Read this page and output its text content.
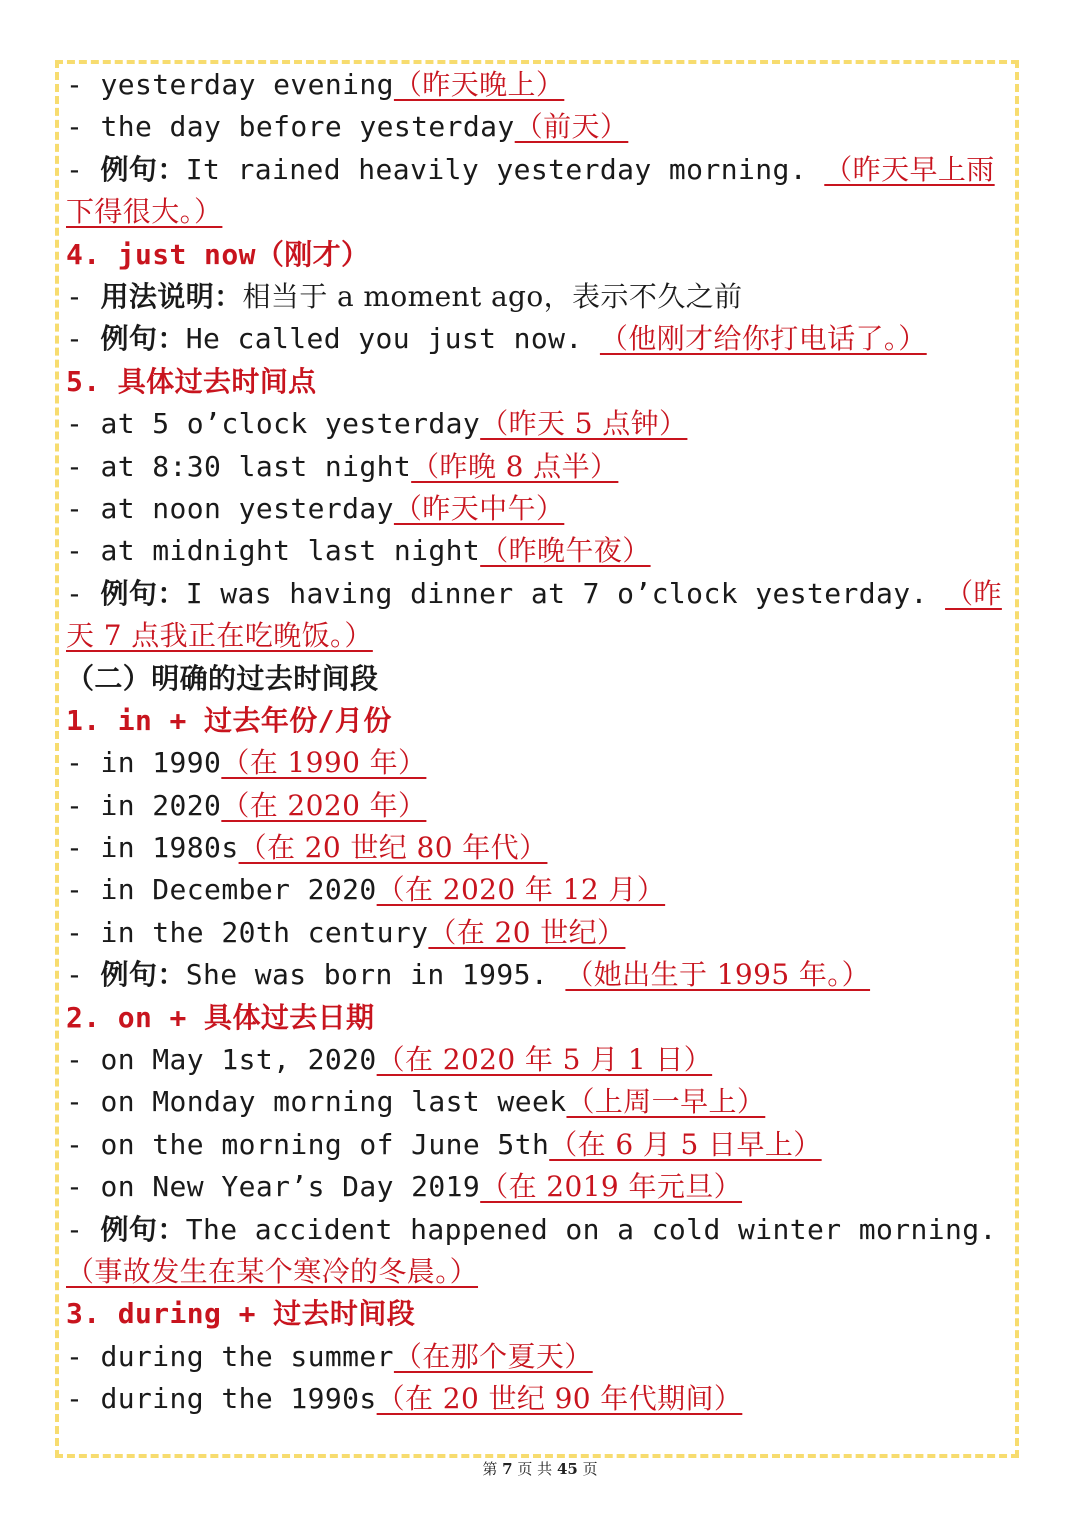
- yesterday evening（昨天晚上）
- the day before yesterday（前天）
- 例句：It rained heavily yesterday morning. （昨天早上雨下得很大。）
4. just now（刚才）
- 用法说明：相当于 a moment ago，表示不久之前
- 例句：He called you just now. （他刚才给你打电话了。）
5. 具体过去时间点
- at 5 o’clock yesterday（昨天 5 点钟）
- at 8:30 last night（昨晚 8 点半）
- at noon yesterday（昨天中午）
- at midnight last night（昨晚午夜）
- 例句：I was having dinner at 7 o’clock yesterday. （昨天 7 点我正在吃晚饭。）
（二）明确的过去时间段
1. in + 过去年份/月份
- in 1990（在 1990 年）
- in 2020（在 2020 年）
- in 1980s（在 20 世纪 80 年代）
- in December 2020（在 2020 年 12 月）
- in the 20th century（在 20 世纪）
- 例句：She was born in 1995. （她出生于 1995 年。）
2. on + 具体过去日期
- on May 1st, 2020（在 2020 年 5 月 1 日）
- on Monday morning last week（上周一早上）
- on the morning of June 5th（在 6 月 5 日早上）
- on New Year’s Day 2019（在 2019 年元旦）
- 例句：The accident happened on a cold winter morning. （事故发生在某个寒冷的冬晨。）
3. during + 过去时间段
- during the summer（在那个夏天）
- during the 1990s（在 20 世纪 90 年代期间）
第 7 页 共 45 页
